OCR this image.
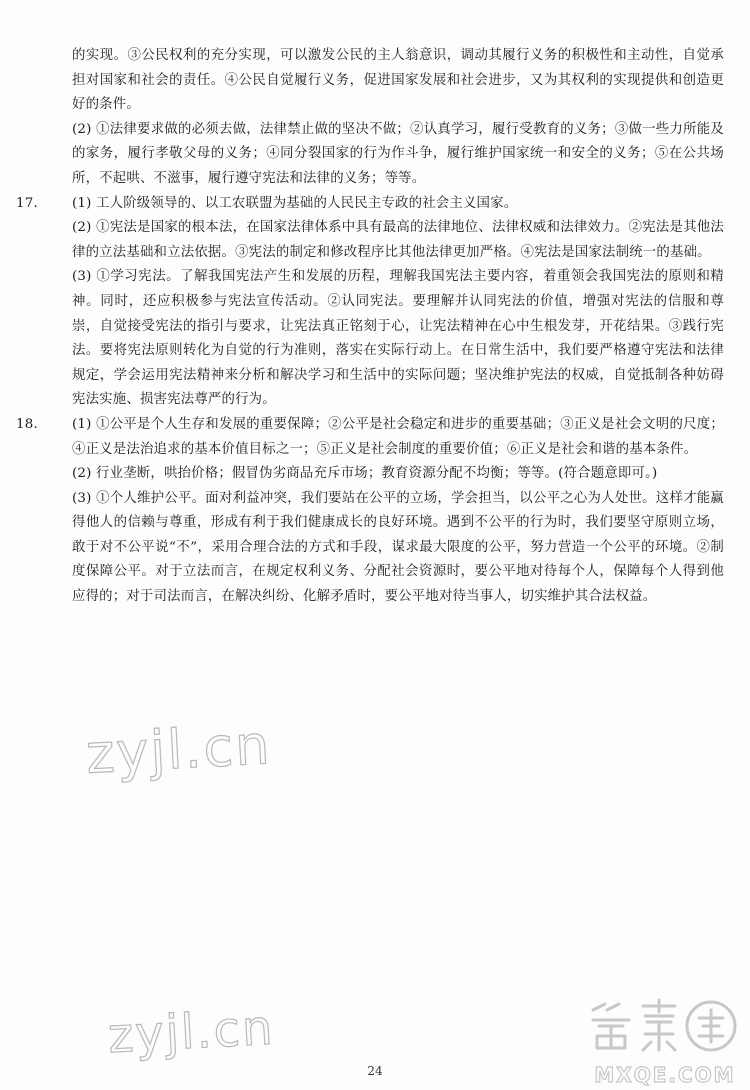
的实现。③公民权利的充分实现，可以激发公民的主人翁意识，调动其履行义务的积极性和主动性，自觉承担对国家和社会的责任。④公民自觉履行义务，促进国家发展和社会进步，又为其权利的实现提供和创造更好的条件。

(2) ①法律要求做的必须去做，法律禁止做的坚决不做；②认真学习，履行受教育的义务；③做一些力所能及的家务，履行孝敬父母的义务；④同分裂国家的行为作斗争，履行维护国家统一和安全的义务；⑤在公共场所，不起哄、不滋事，履行遵守宪法和法律的义务；等等。

17.	(1) 工人阶级领导的、以工农联盟为基础的人民民主专政的社会主义国家。

(2) ①宪法是国家的根本法，在国家法律体系中具有最高的法律地位、法律权威和法律效力。②宪法是其他法律的立法基础和立法依据。③宪法的制定和修改程序比其他法律更加严格。④宪法是国家法制统一的基础。

(3) ①学习宪法。了解我国宪法产生和发展的历程，理解我国宪法主要内容，着重领会我国宪法的原则和精神。同时，还应积极参与宪法宣传活动。②认同宪法。要理解并认同宪法的价值，增强对宪法的信服和尊崇，自觉接受宪法的指引与要求，让宪法真正铭刻于心，让宪法精神在心中生根发芽，开花结果。③践行宪法。要将宪法原则转化为自觉的行为准则，落实在实际行动上。在日常生活中，我们要严格遵守宪法和法律规定，学会运用宪法精神来分析和解决学习和生活中的实际问题；坚决维护宪法的权威，自觉抵制各种妨碍宪法实施、损害宪法尊严的行为。

18.	(1) ①公平是个人生存和发展的重要保障；②公平是社会稳定和进步的重要基础；③正义是社会文明的尺度；④正义是法治追求的基本价值目标之一；⑤正义是社会制度的重要价值；⑥正义是社会和谐的基本条件。

(2) 行业垄断，哄抬价格；假冒伪劣商品充斥市场；教育资源分配不均衡；等等。(符合题意即可。)

(3) ①个人维护公平。面对利益冲突，我们要站在公平的立场，学会担当，以公平之心为人处世。这样才能赢得他人的信赖与尊重，形成有利于我们健康成长的良好环境。遇到不公平的行为时，我们要坚守原则立场，敢于对不公平说“不”，采用合理合法的方式和手段，谋求最大限度的公平，努力营造一个公平的环境。②制度保障公平。对于立法而言，在规定权利义务、分配社会资源时，要公平地对待每个人，保障每个人得到他应得的；对于司法而言，在解决纠纷、化解矛盾时，要公平地对待当事人，切实维护其合法权益。

zyjl.cn
zyjl.cn
MXQE.COM
24
